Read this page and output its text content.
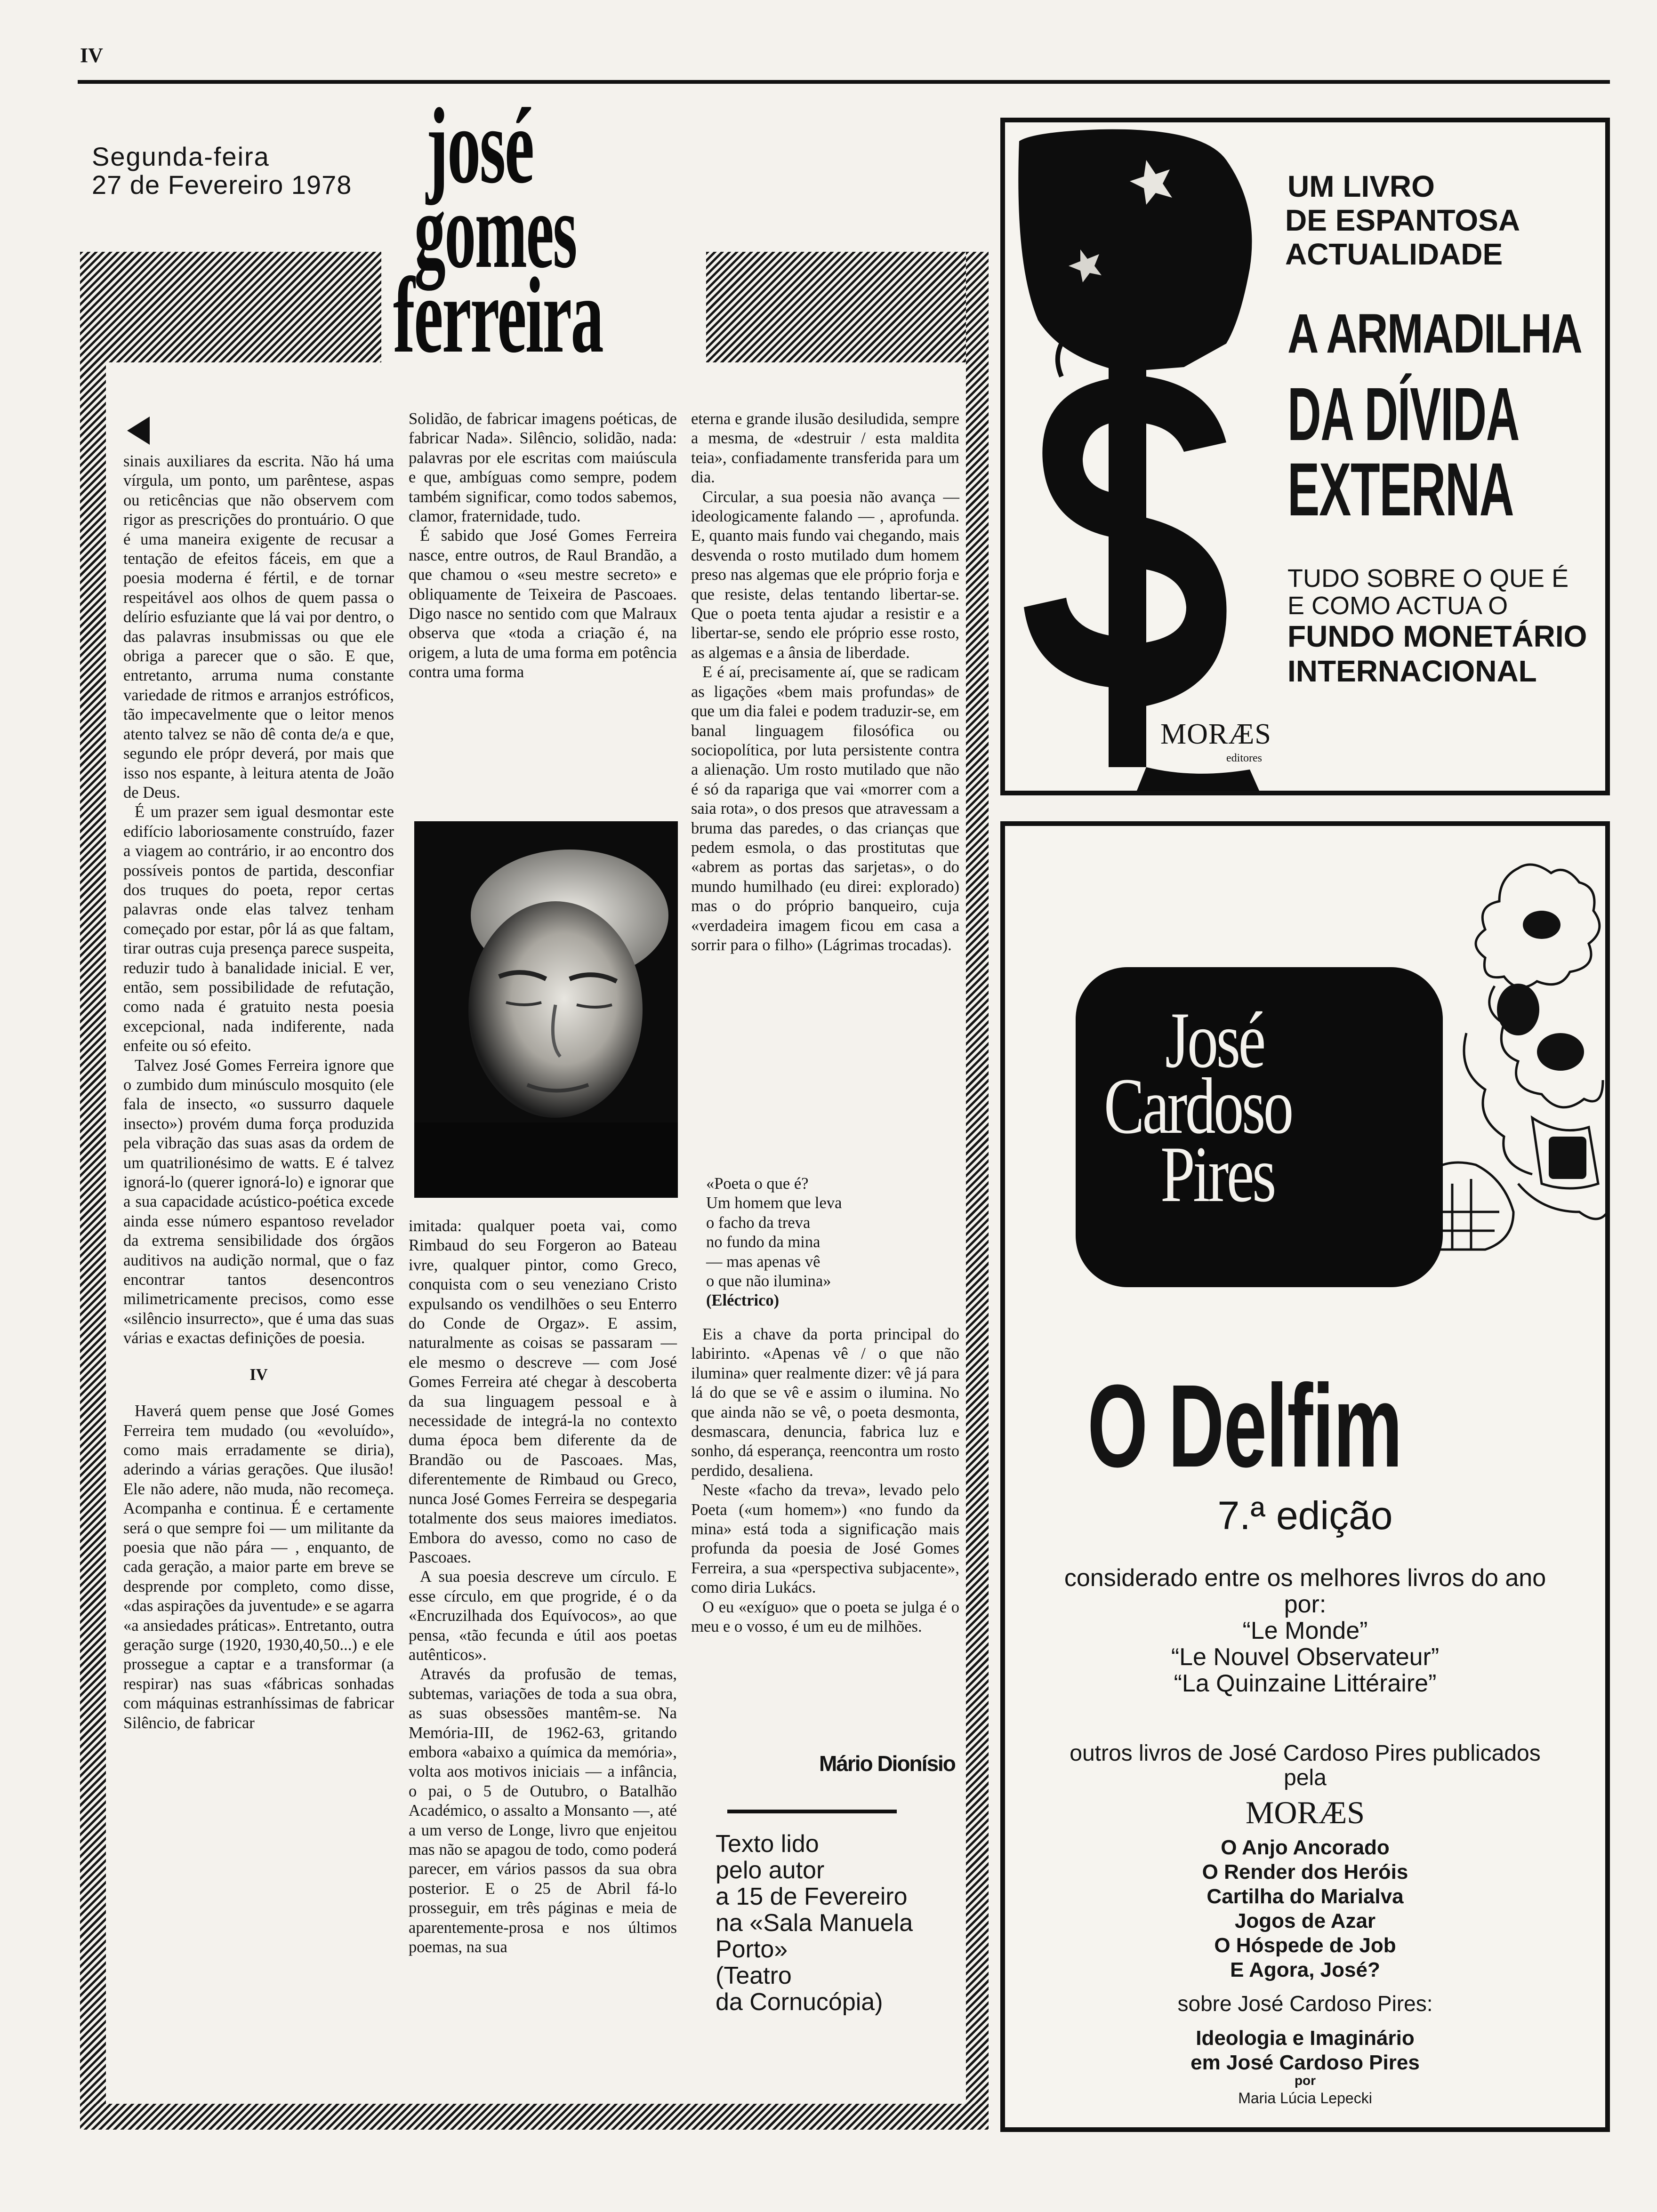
IV
Segunda-feira
27 de Fevereiro 1978 josé
gomes
ferreira

sinais auxiliares da escrita. Não há uma vírgula, um ponto, um parêntese, aspas ou reticências que não observem com rigor as prescrições do prontuário. O que é uma maneira exigente de recusar a tentação de efeitos fáceis, em que a poesia moderna é fértil, e de tornar respeitável aos olhos de quem passa o delírio esfuziante que lá vai por dentro, o das palavras insubmissas ou que ele obriga a parecer que o são. E que, entretanto, arruma numa constante variedade de ritmos e arranjos estróficos, tão impecavelmente que o leitor menos atento talvez se não dê conta de/a e que, segundo ele própr deverá, por mais que isso nos espante, à leitura atenta de João de Deus.

É um prazer sem igual desmontar este edifício laboriosamente construído, fazer a viagem ao contrário, ir ao encontro dos possíveis pontos de partida, desconfiar dos truques do poeta, repor certas palavras onde elas talvez tenham começado por estar, pôr lá as que faltam, tirar outras cuja presença parece suspeita, reduzir tudo à banalidade inicial. E ver, então, sem possibilidade de refutação, como nada é gratuito nesta poesia excepcional, nada indiferente, nada enfeite ou só efeito.

Talvez José Gomes Ferreira ignore que o zumbido dum minúsculo mosquito (ele fala de insecto, «o sussurro daquele insecto») provém duma força produzida pela vibração das suas asas da ordem de um quatrilionésimo de watts. E é talvez ignorá-lo (querer ignorá-lo) e ignorar que a sua capacidade acústico-poética excede ainda esse número espantoso revelador da extrema sensibilidade dos órgãos auditivos na audição normal, que o faz encontrar tantos desencontros milimetricamente precisos, como esse «silêncio insurrecto», que é uma das suas várias e exactas definições de poesia.

IV

Haverá quem pense que José Gomes Ferreira tem mudado (ou «evoluído», como mais erradamente se diria), aderindo a várias gerações. Que ilusão! Ele não adere, não muda, não recomeça. Acompanha e continua. É e certamente será o que sempre foi — um militante da poesia que não pára — , enquanto, de cada geração, a maior parte em breve se desprende por completo, como disse, «das aspirações da juventude» e se agarra «a ansiedades práticas». Entretanto, outra geração surge (1920, 1930,40,50...) e ele prossegue a captar e a transformar (a respirar) nas suas «fábricas sonhadas com máquinas estranhíssimas de fabricar Silêncio, de fabricar

Solidão, de fabricar imagens poéticas, de fabricar Nada». Silêncio, solidão, nada: palavras por ele escritas com maiúscula e que, ambíguas como sempre, podem também significar, como todos sabemos, clamor, fraternidade, tudo.

É sabido que José Gomes Ferreira nasce, entre outros, de Raul Brandão, a que chamou o «seu mestre secreto» e obliquamente de Teixeira de Pascoaes. Digo nasce no sentido com que Malraux observa que «toda a criação é, na origem, a luta de uma forma em potência contra uma forma

imitada: qualquer poeta vai, como Rimbaud do seu Forgeron ao Bateau ivre, qualquer pintor, como Greco, conquista com o seu veneziano Cristo expulsando os vendilhões o seu Enterro do Conde de Orgaz». E assim, naturalmente as coisas se passaram — ele mesmo o descreve — com José Gomes Ferreira até chegar à descoberta da sua linguagem pessoal e à necessidade de integrá-la no contexto duma época bem diferente da de Brandão ou de Pascoaes. Mas, diferentemente de Rimbaud ou Greco, nunca José Gomes Ferreira se despegaria totalmente dos seus maiores imediatos. Embora do avesso, como no caso de Pascoaes.

A sua poesia descreve um círculo. E esse círculo, em que progride, é o da «Encruzilhada dos Equívocos», ao que pensa, «tão fecunda e útil aos poetas autênticos».

Através da profusão de temas, subtemas, variações de toda a sua obra, as suas obsessões mantêm-se. Na Memória-III, de 1962-63, gritando embora «abaixo a química da memória», volta aos motivos iniciais — a infância, o pai, o 5 de Outubro, o Batalhão Académico, o assalto a Monsanto —, até a um verso de Longe, livro que enjeitou mas não se apagou de todo, como poderá parecer, em vários passos da sua obra posterior. E o 25 de Abril fá-lo prosseguir, em três páginas e meia de aparentemente-prosa e nos últimos poemas, na sua

eterna e grande ilusão desiludida, sempre a mesma, de «destruir / esta maldita teia», confiadamente transferida para um dia.

Circular, a sua poesia não avança — ideologicamente falando — , aprofunda. E, quanto mais fundo vai chegando, mais desvenda o rosto mutilado dum homem preso nas algemas que ele próprio forja e que resiste, delas tentando libertar-se. Que o poeta tenta ajudar a resistir e a libertar-se, sendo ele próprio esse rosto, as algemas e a ânsia de liberdade.

E é aí, precisamente aí, que se radicam as ligações «bem mais profundas» de que um dia falei e podem traduzir-se, em banal linguagem filosófica ou sociopolítica, por luta persistente contra a alienação. Um rosto mutilado que não é só da rapariga que vai «morrer com a saia rota», o dos presos que atravessam a bruma das paredes, o das crianças que pedem esmola, o das prostitutas que «abrem as portas das sarjetas», o do mundo humilhado (eu direi: explorado) mas o do próprio banqueiro, cuja «verdadeira imagem ficou em casa a sorrir para o filho» (Lágrimas trocadas).

«Poeta o que é?
Um homem que leva
o facho da treva
no fundo da mina
— mas apenas vê
o que não ilumina»
(Eléctrico)

Eis a chave da porta principal do labirinto. «Apenas vê / o que não ilumina» quer realmente dizer: vê já para lá do que se vê e assim o ilumina. No que ainda não se vê, o poeta desmonta, desmascara, denuncia, fabrica luz e sonho, dá esperança, reencontra um rosto perdido, desaliena.

Neste «facho da treva», levado pelo Poeta («um homem») «no fundo da mina» está toda a significação mais profunda da poesia de José Gomes Ferreira, a sua «perspectiva subjacente», como diria Lukács.

O eu «exíguo» que o poeta se julga é o meu e o vosso, é um eu de milhões.

Mário Dionísio
Texto lido
pelo autor
a 15 de Fevereiro
na «Sala Manuela
Porto»
(Teatro
da Cornucópia)
UM LIVRO
DE ESPANTOSA
ACTUALIDADE
A ARMADILHA
DA DÍVIDA
EXTERNA
TUDO SOBRE O QUE É
E COMO ACTUA O
FUNDO MONETÁRIO
INTERNACIONAL
MORÆS
editores
José
Cardoso
Pires
O Delfim
7.ª edição
considerado entre os melhores livros do ano
por:
“Le Monde”
“Le Nouvel Observateur”
“La Quinzaine Littéraire”
outros livros de José Cardoso Pires publicados
pela
MORÆS
O Anjo Ancorado
O Render dos Heróis
Cartilha do Marialva
Jogos de Azar
O Hóspede de Job
E Agora, José?
sobre José Cardoso Pires:
Ideologia e Imaginário
em José Cardoso Pires
por
Maria Lúcia Lepecki
